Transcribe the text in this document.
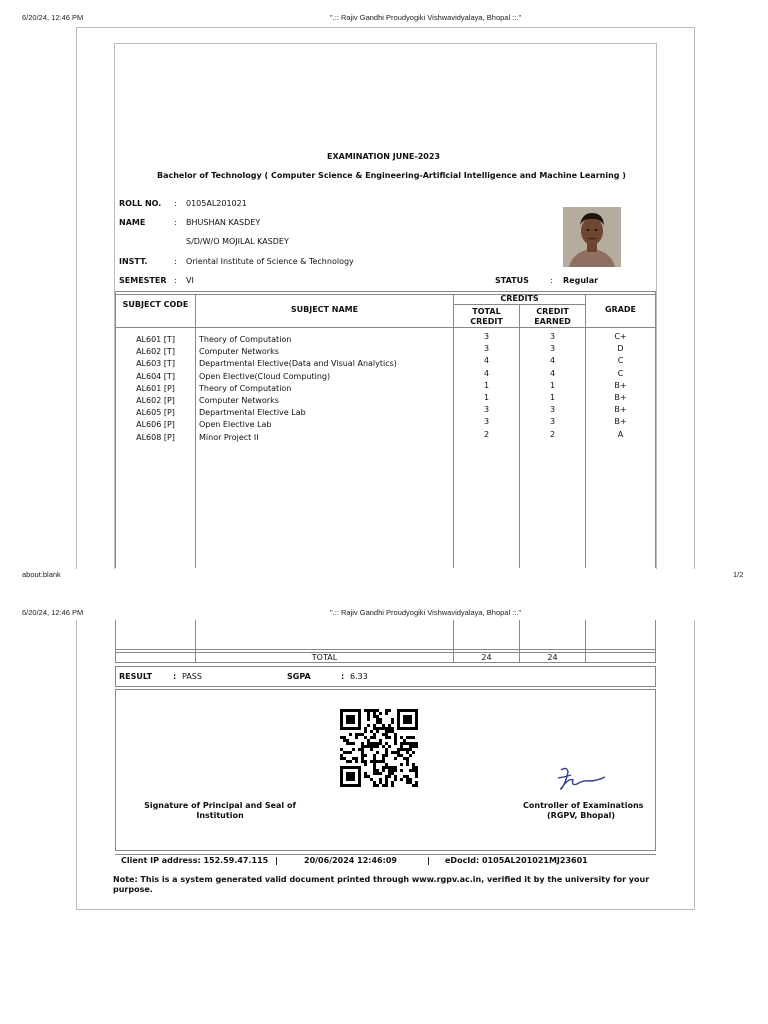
6/20/24, 12:46 PM	".:: Rajiv Gandhi Proudyogiki Vishwavidyalaya, Bhopal ::."
EXAMINATION JUNE-2023
Bachelor of Technology ( Computer Science & Engineering-Artificial Intelligence and Machine Learning )
ROLL NO. : 0105AL201021
NAME	: BHUSHAN KASDEY
S/D/W/O MOJILAL KASDEY
INSTT.	: Oriental Institute of Science & Technology
SEMESTER : VI	STATUS	: Regular
SUBJECT CODE
SUBJECT NAME
CREDITS
TOTAL CREDIT
CREDIT EARNED
GRADE
AL601 [T]	Theory of Computation	3	3	C+
AL602 [T]	Computer Networks	3	3	D
AL603 [T]	Departmental Elective(Data and Visual Analytics)	4	4	C
AL604 [T]	Open Elective(Cloud Computing)	4	4	C
AL601 [P]	Theory of Computation	1	1	B+
AL602 [P]	Computer Networks	1	1	B+
AL605 [P]	Departmental Elective Lab	3	3	B+
AL606 [P]	Open Elective Lab	3	3	B+
AL608 [P]	Minor Project II	2	2	A
about:blank	1/2
6/20/24, 12:46 PM	".:: Rajiv Gandhi Proudyogiki Vishwavidyalaya, Bhopal ::."
TOTAL	24	24
RESULT	: PASS	SGPA	: 6.33
Signature of Principal and Seal of Institution
Controller of Examinations
(RGPV, Bhopal)
Client IP address: 152.59.47.115 |	20/06/2024 12:46:09	| eDocId: 0105AL201021MJ23601
Note: This is a system generated valid document printed through www.rgpv.ac.in, verified it by the university for your purpose.
